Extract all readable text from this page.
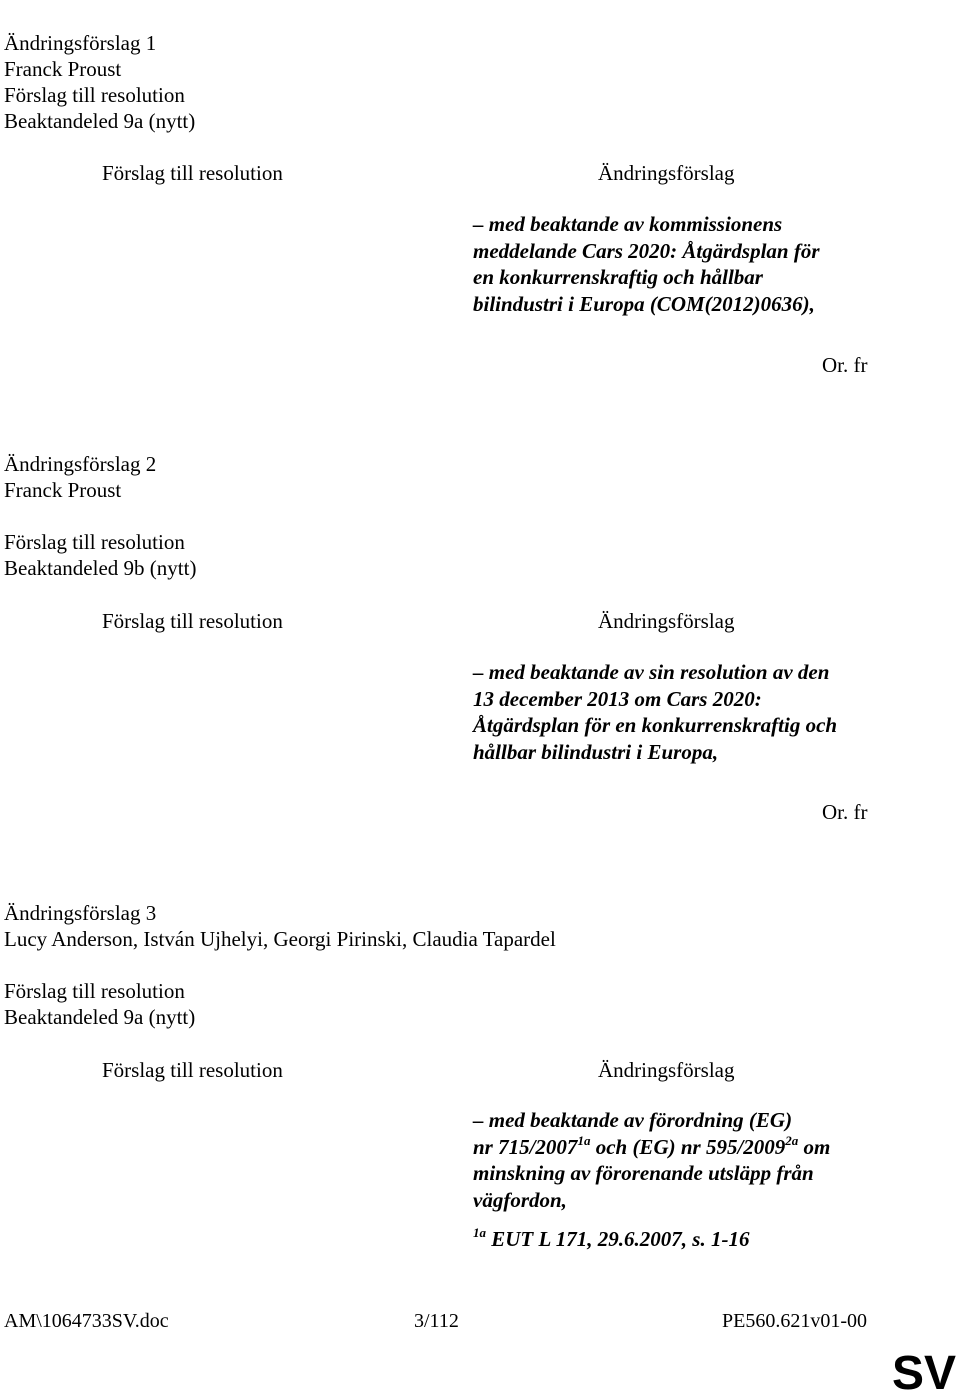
Ändringsförslag 1
Franck Proust
Förslag till resolution
Beaktandeled 9a (nytt)
Förslag till resolution	Ändringsförslag
– med beaktande av kommissionens
meddelande Cars 2020: Åtgärdsplan för
en konkurrenskraftig och hållbar
bilindustri i Europa (COM(2012)0636),
Or. fr
Ändringsförslag 2
Franck Proust
Förslag till resolution
Beaktandeled 9b (nytt)
Förslag till resolution	Ändringsförslag
– med beaktande av sin resolution av den
13 december 2013 om Cars 2020:
Åtgärdsplan för en konkurrenskraftig och
hållbar bilindustri i Europa,
Or. fr
Ändringsförslag 3
Lucy Anderson, István Ujhelyi, Georgi Pirinski, Claudia Tapardel
Förslag till resolution
Beaktandeled 9a (nytt)
Förslag till resolution	Ändringsförslag
– med beaktande av förordning (EG)
nr $715/2007^{1a}$ och (EG) nr $595/2009^{2a}$ om
minskning av förorenande utsläpp från
vägfordon,
$^{1a}$ EUT L 171, 29.6.2007, s. 1-16
AM\1064733SV.doc	3/112	PE560.621v01-00
SV
